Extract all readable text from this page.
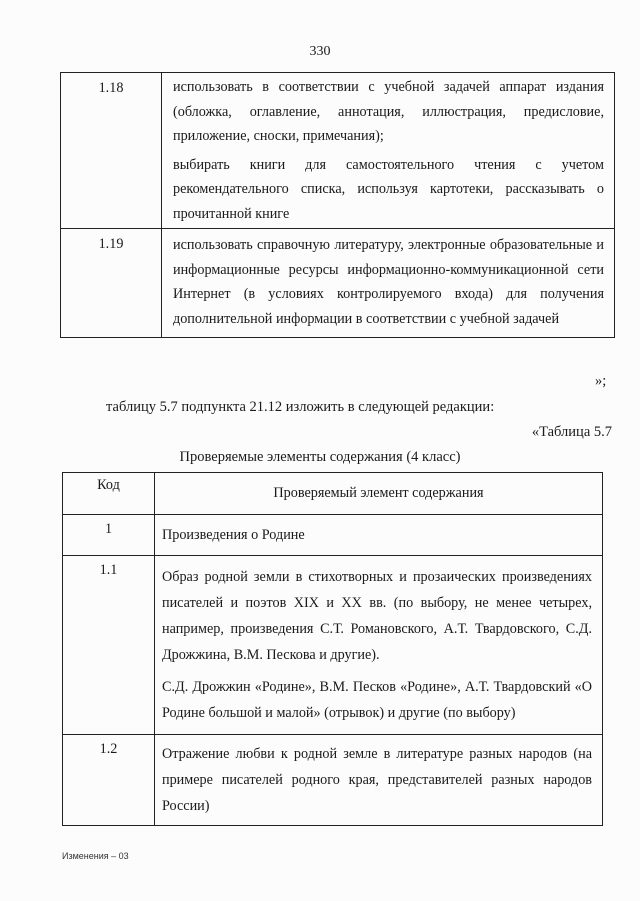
330
1.18	использовать в соответствии с учебной задачей аппарат издания (обложка, оглавление, аннотация, иллюстрация, предисловие, приложение, сноски, примечания);

выбирать книги для самостоятельного чтения с учетом рекомендательного списка, используя картотеки, рассказывать о прочитанной книге

1.19	использовать справочную литературу, электронные образовательные и информационные ресурсы информационно-коммуникационной сети Интернет (в условиях контролируемого входа) для получения дополнительной информации в соответствии с учебной задачей

»;
таблицу 5.7 подпункта 21.12 изложить в следующей редакции:
«Таблица 5.7
Проверяемые элементы содержания (4 класс)
Код	Проверяемый элемент содержания
1	Произведения о Родине

1.1	Образ родной земли в стихотворных и прозаических произведениях писателей и поэтов XIX и XX вв. (по выбору, не менее четырех, например, произведения С.Т. Романовского, А.Т. Твардовского, С.Д. Дрожжина, В.М. Пескова и другие).

С.Д. Дрожжин «Родине», В.М. Песков «Родине», А.Т. Твардовский «О Родине большой и малой» (отрывок) и другие (по выбору)

1.2	Отражение любви к родной земле в литературе разных народов (на примере писателей родного края, представителей разных народов России)

Изменения – 03
